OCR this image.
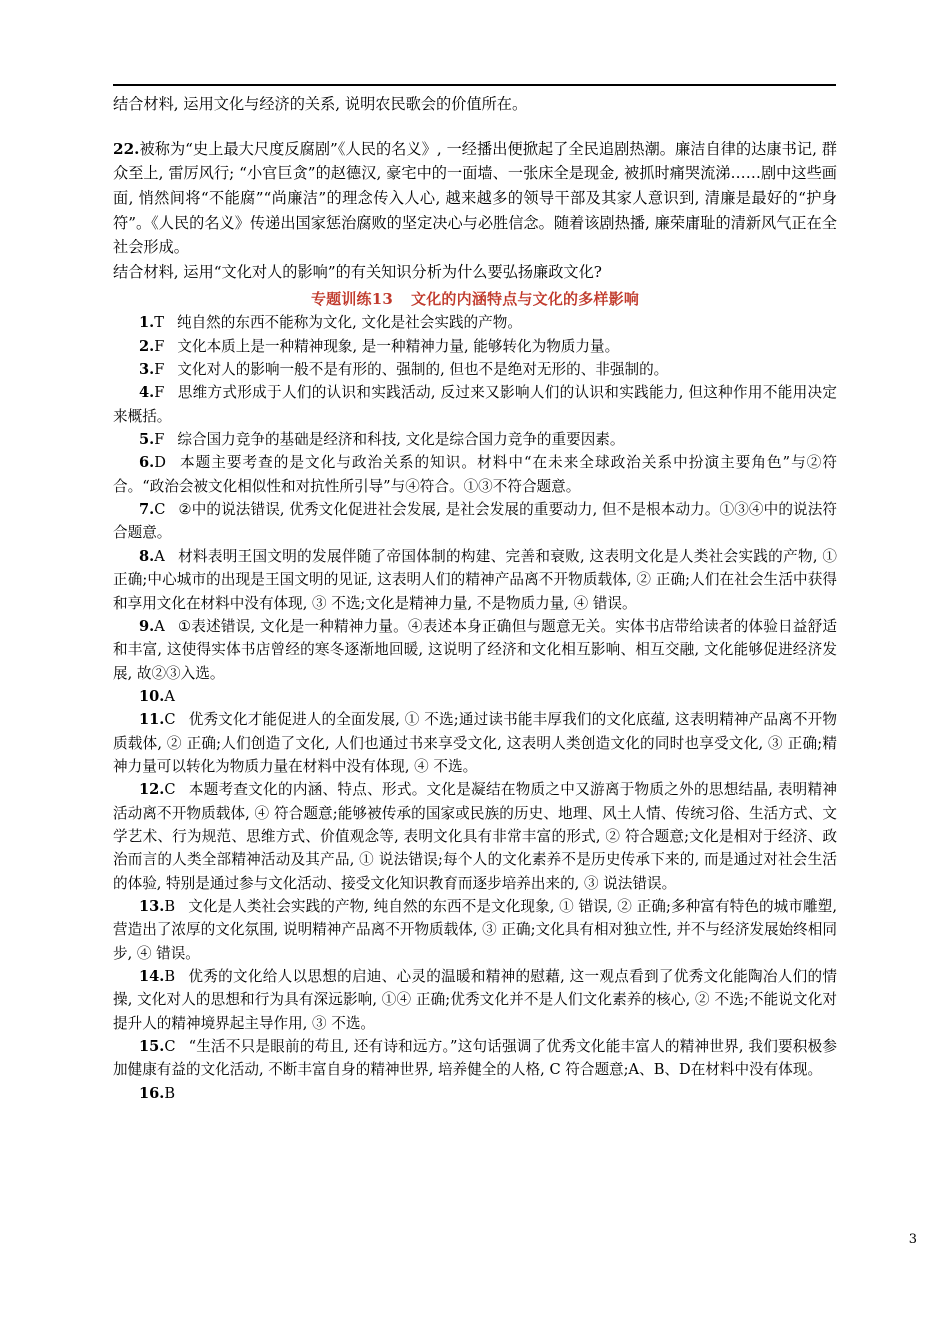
结合材料, 运用文化与经济的关系, 说明农民歌会的价值所在。

22.被称为“史上最大尺度反腐剧”《人民的名义》, 一经播出便掀起了全民追剧热潮。廉洁自律的达康书记, 群众至上, 雷厉风行; “小官巨贪”的赵德汉, 豪宅中的一面墙、一张床全是现金, 被抓时痛哭流涕……剧中这些画面, 悄然间将“不能腐”“尚廉洁”的理念传入人心, 越来越多的领导干部及其家人意识到, 清廉是最好的“护身符”。《人民的名义》传递出国家惩治腐败的坚定决心与必胜信念。随着该剧热播, 廉荣庸耻的清新风气正在全社会形成。

结合材料, 运用“文化对人的影响”的有关知识分析为什么要弘扬廉政文化?

专题训练13 文化的内涵特点与文化的多样影响

1.T 纯自然的东西不能称为文化, 文化是社会实践的产物。

2.F 文化本质上是一种精神现象, 是一种精神力量, 能够转化为物质力量。

3.F 文化对人的影响一般不是有形的、强制的, 但也不是绝对无形的、非强制的。

4.F 思维方式形成于人们的认识和实践活动, 反过来又影响人们的认识和实践能力, 但这种作用不能用决定来概括。

5.F 综合国力竞争的基础是经济和科技, 文化是综合国力竞争的重要因素。

6.D 本题主要考查的是文化与政治关系的知识。材料中“在未来全球政治关系中扮演主要角色”与②符合。“政治会被文化相似性和对抗性所引导”与④符合。①③不符合题意。

7.C ②中的说法错误, 优秀文化促进社会发展, 是社会发展的重要动力, 但不是根本动力。①③④中的说法符合题意。

8.A 材料表明王国文明的发展伴随了帝国体制的构建、完善和衰败, 这表明文化是人类社会实践的产物, ① 正确;中心城市的出现是王国文明的见证, 这表明人们的精神产品离不开物质载体, ② 正确;人们在社会生活中获得和享用文化在材料中没有体现, ③ 不选;文化是精神力量, 不是物质力量, ④ 错误。

9.A ①表述错误, 文化是一种精神力量。④表述本身正确但与题意无关。实体书店带给读者的体验日益舒适和丰富, 这使得实体书店曾经的寒冬逐渐地回暖, 这说明了经济和文化相互影响、相互交融, 文化能够促进经济发展, 故②③入选。

10.A

11.C 优秀文化才能促进人的全面发展, ① 不选;通过读书能丰厚我们的文化底蕴, 这表明精神产品离不开物质载体, ② 正确;人们创造了文化, 人们也通过书来享受文化, 这表明人类创造文化的同时也享受文化, ③ 正确;精神力量可以转化为物质力量在材料中没有体现, ④ 不选。

12.C 本题考查文化的内涵、特点、形式。文化是凝结在物质之中又游离于物质之外的思想结晶, 表明精神活动离不开物质载体, ④ 符合题意;能够被传承的国家或民族的历史、地理、风土人情、传统习俗、生活方式、文学艺术、行为规范、思维方式、价值观念等, 表明文化具有非常丰富的形式, ② 符合题意;文化是相对于经济、政治而言的人类全部精神活动及其产品, ① 说法错误;每个人的文化素养不是历史传承下来的, 而是通过对社会生活的体验, 特别是通过参与文化活动、接受文化知识教育而逐步培养出来的, ③ 说法错误。

13.B 文化是人类社会实践的产物, 纯自然的东西不是文化现象, ① 错误, ② 正确;多种富有特色的城市雕塑, 营造出了浓厚的文化氛围, 说明精神产品离不开物质载体, ③ 正确;文化具有相对独立性, 并不与经济发展始终相同步, ④ 错误。

14.B 优秀的文化给人以思想的启迪、心灵的温暖和精神的慰藉, 这一观点看到了优秀文化能陶冶人们的情操, 文化对人的思想和行为具有深远影响, ①④ 正确;优秀文化并不是人们文化素养的核心, ② 不选;不能说文化对提升人的精神境界起主导作用, ③ 不选。

15.C “生活不只是眼前的苟且, 还有诗和远方。”这句话强调了优秀文化能丰富人的精神世界, 我们要积极参加健康有益的文化活动, 不断丰富自身的精神世界, 培养健全的人格, C 符合题意;A、B、D在材料中没有体现。

16.B

3
